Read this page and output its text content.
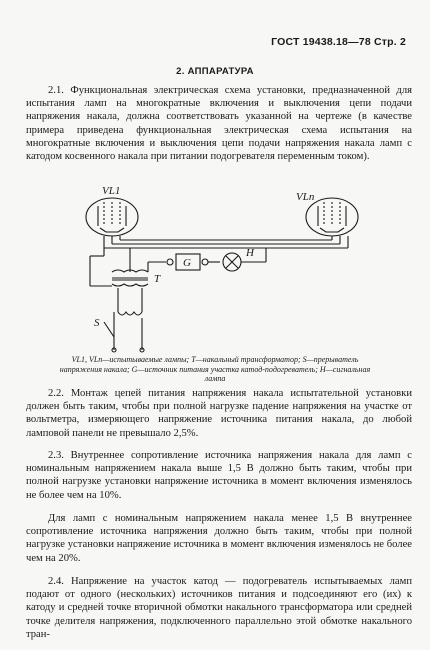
ГОСТ 19438.18—78 Стр. 2
2. АППАРАТУРА

2.1. Функциональная электрическая схема установки, предназначенной для испытания ламп на многократные включения и выключения цепи подачи напряжения накала, должна соответствовать указанной на чертеже (в качестве примера приведена функциональная электрическая схема испытания на многократные включения и выключения цепи подачи напряжения накала ламп с катодом косвенного накала при питании подогревателя переменным током).

VL1	VLn
T
G
H
S
VL1, VLn—испытываемые лампы; T—накальный трансформатор; S—прерыватель напряжения накала; G—источник питания участка катод-подогреватель; H—сигнальная лампа

2.2. Монтаж цепей питания напряжения накала испытательной установки должен быть таким, чтобы при полной нагрузке падение напряжения на участке от вольтметра, измеряющего напряжение источника питания накала, до любой ламповой панели не превышало 2,5%.

2.3. Внутреннее сопротивление источника напряжения накала для ламп с номинальным напряжением накала выше 1,5 В должно быть таким, чтобы при полной нагрузке установки напряжение источника в момент включения изменялось не более чем на 10%.

Для ламп с номинальным напряжением накала менее 1,5 В внутреннее сопротивление источника напряжения должно быть таким, чтобы при полной нагрузке установки напряжение источника в момент включения изменялось не более чем на 20%.

2.4. Напряжение на участок катод — подогреватель испытываемых ламп подают от одного (нескольких) источников питания и подсоединяют его (их) к катоду и средней точке вторичной обмотки накального трансформатора или средней точке делителя напряжения, подключенного параллельно этой обмотке накального тран-
